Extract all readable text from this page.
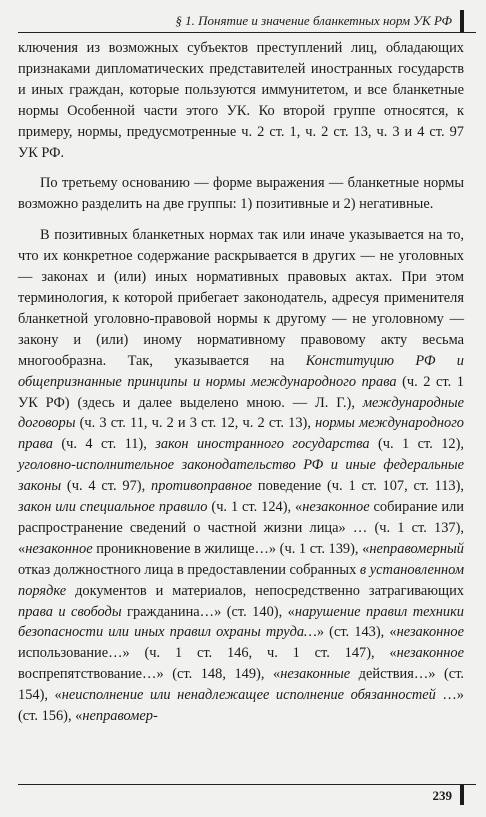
§ 1. Понятие и значение бланкетных норм УК РФ

ключения из возможных субъектов преступлений лиц, обладающих признаками дипломатических представителей иностранных государств и иных граждан, которые пользуются иммунитетом, и все бланкетные нормы Особенной части этого УК. Ко второй группе относятся, к примеру, нормы, предусмотренные ч. 2 ст. 1, ч. 2 ст. 13, ч. 3 и 4 ст. 97 УК РФ.

По третьему основанию — форме выражения — бланкетные нормы возможно разделить на две группы: 1) позитивные и 2) негативные.

В позитивных бланкетных нормах так или иначе указывается на то, что их конкретное содержание раскрывается в других — не уголовных — законах и (или) иных нормативных правовых актах. При этом терминология, к которой прибегает законодатель, адресуя применителя бланкетной уголовно-правовой нормы к другому — не уголовному — закону и (или) иному нормативному правовому акту весьма многообразна. Так, указывается на Конституцию РФ и общепризнанные принципы и нормы международного права (ч. 2 ст. 1 УК РФ) (здесь и далее выделено мною. — Л. Г.), международные договоры (ч. 3 ст. 11, ч. 2 и 3 ст. 12, ч. 2 ст. 13), нормы международного права (ч. 4 ст. 11), закон иностранного государства (ч. 1 ст. 12), уголовно-исполнительное законодательство РФ и иные федеральные законы (ч. 4 ст. 97), противоправное поведение (ч. 1 ст. 107, ст. 113), закон или специальное правило (ч. 1 ст. 124), «незаконное собирание или распространение сведений о частной жизни лица» … (ч. 1 ст. 137), «незаконное проникновение в жилище…» (ч. 1 ст. 139), «неправомерный отказ должностного лица в предоставлении собранных в установленном порядке документов и материалов, непосредственно затрагивающих права и свободы гражданина…» (ст. 140), «нарушение правил техники безопасности или иных правил охраны труда…» (ст. 143), «незаконное использование…» (ч. 1 ст. 146, ч. 1 ст. 147), «незаконное воспрепятствование…» (ст. 148, 149), «незаконные действия…» (ст. 154), «неисполнение или ненадлежащее исполнение обязанностей …» (ст. 156), «неправомер-

239
